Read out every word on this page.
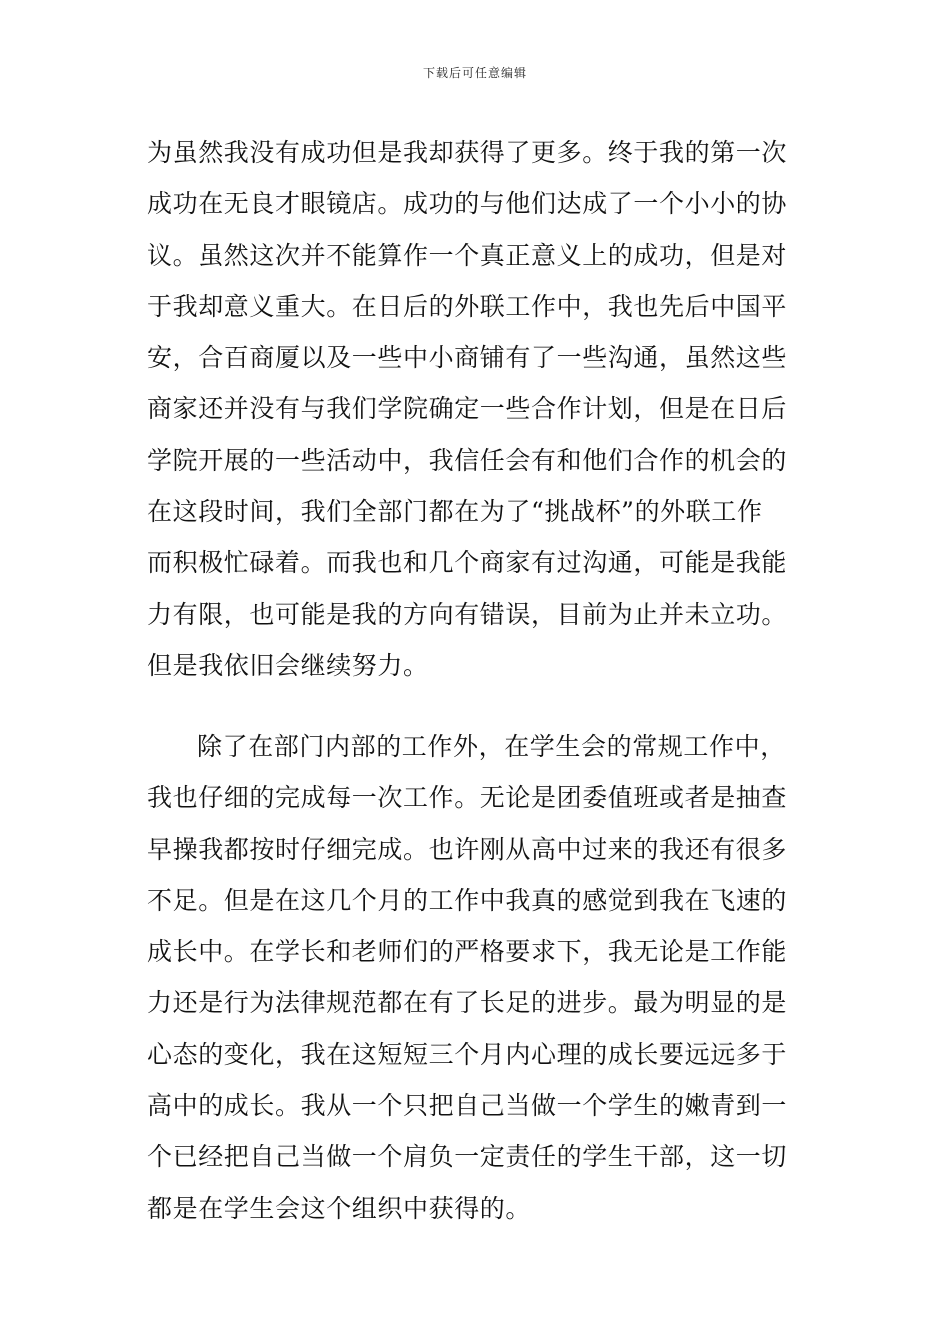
下载后可任意编辑
为虽然我没有成功但是我却获得了更多。终于我的第一次
成功在无良才眼镜店。成功的与他们达成了一个小小的协
议。虽然这次并不能算作一个真正意义上的成功，但是对
于我却意义重大。在日后的外联工作中，我也先后中国平
安，合百商厦以及一些中小商铺有了一些沟通，虽然这些
商家还并没有与我们学院确定一些合作计划，但是在日后
学院开展的一些活动中，我信任会有和他们合作的机会的
在这段时间，我们全部门都在为了“挑战杯”的外联工作
而积极忙碌着。而我也和几个商家有过沟通，可能是我能
力有限，也可能是我的方向有错误，目前为止并未立功。
但是我依旧会继续努力。
除了在部门内部的工作外，在学生会的常规工作中，
我也仔细的完成每一次工作。无论是团委值班或者是抽查
早操我都按时仔细完成。也许刚从高中过来的我还有很多
不足。但是在这几个月的工作中我真的感觉到我在飞速的
成长中。在学长和老师们的严格要求下，我无论是工作能
力还是行为法律规范都在有了长足的进步。最为明显的是
心态的变化，我在这短短三个月内心理的成长要远远多于
高中的成长。我从一个只把自己当做一个学生的嫩青到一
个已经把自己当做一个肩负一定责任的学生干部，这一切
都是在学生会这个组织中获得的。
